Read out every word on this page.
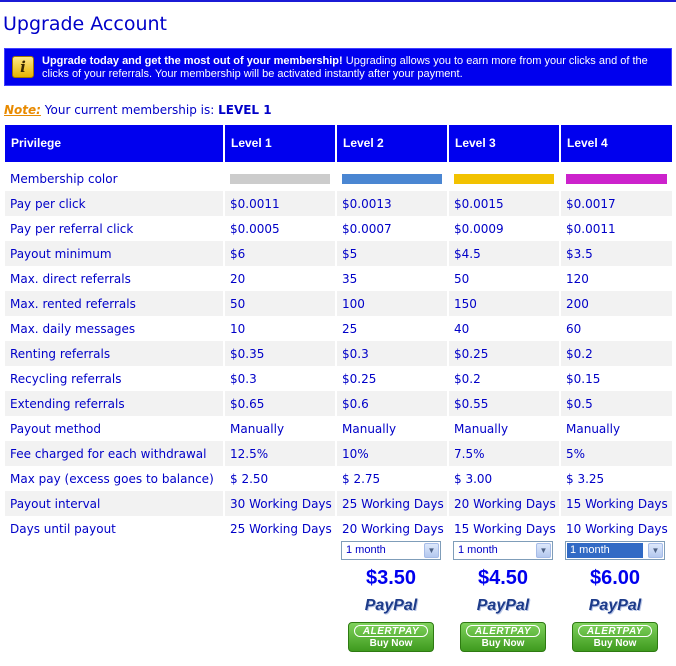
Upgrade Account
i	Upgrade today and get the most out of your membership! Upgrading allows you to earn more from your clicks and of the clicks of your referrals. Your membership will be activated instantly after your payment.
Note: Your current membership is: LEVEL 1
Privilege	Level 1	Level 2	Level 3	Level 4

Membership color	

Pay per click	$0.0011	$0.0013	$0.0015	$0.0017
Pay per referral click	$0.0005	$0.0007	$0.0009	$0.0011
Payout minimum	$6	$5	$4.5	$3.5
Max. direct referrals	20	35	50	120
Max. rented referrals	50	100	150	200
Max. daily messages	10	25	40	60
Renting referrals	$0.35	$0.3	$0.25	$0.2
Recycling referrals	$0.3	$0.25	$0.2	$0.15
Extending referrals	$0.65	$0.6	$0.55	$0.5
Payout method	Manually	Manually	Manually	Manually
Fee charged for each withdrawal	12.5%	10%	7.5%	5%
Max pay (excess goes to balance)	$ 2.50	$ 2.75	$ 3.00	$ 3.25
Payout interval	30 Working Days	25 Working Days	20 Working Days	15 Working Days
Days until payout	25 Working Days	20 Working Days	15 Working Days	10 Working Days
1 month	▼
$3.50
PayPal
ALERTPAY
Buy Now
1 month	▼
$4.50
PayPal
ALERTPAY
Buy Now
1 month	▼
$6.00
PayPal
ALERTPAY
Buy Now
